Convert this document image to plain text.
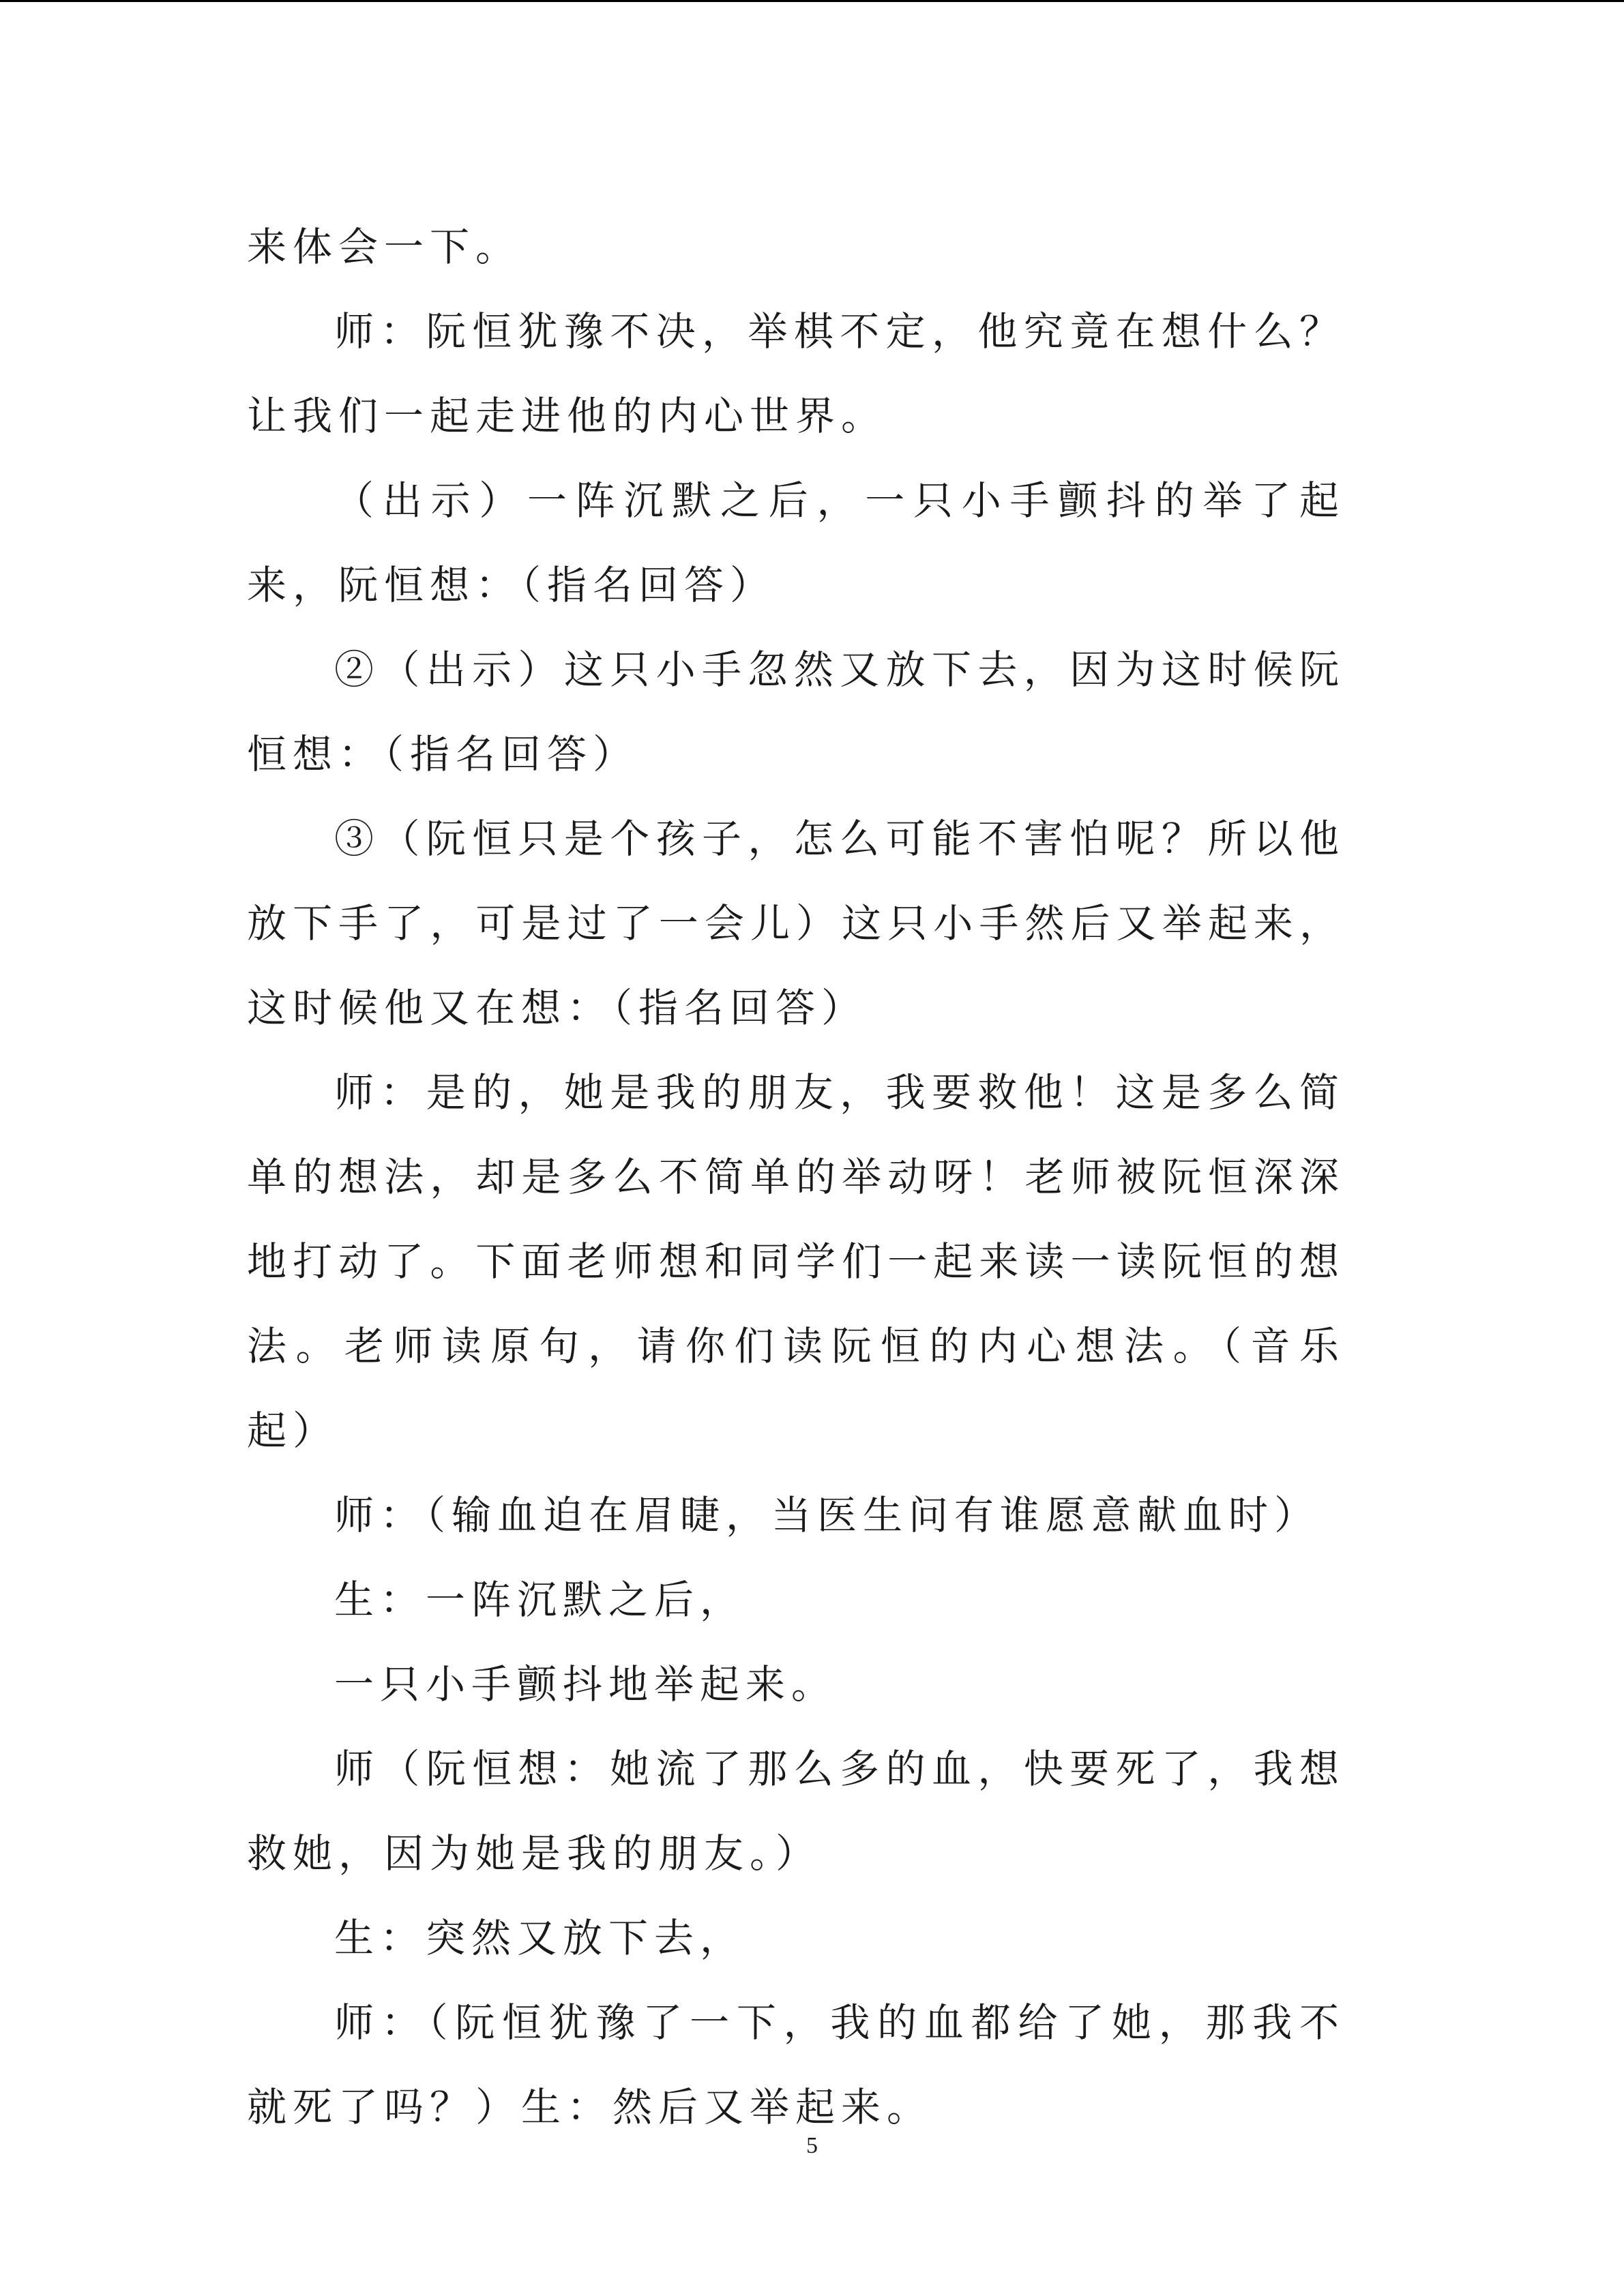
来体会一下。

师：阮恒犹豫不决，举棋不定，他究竟在想什么？让我们一起走进他的内心世界。

（出示）一阵沉默之后，一只小手颤抖的举了起来，阮恒想：（指名回答）

②（出示）这只小手忽然又放下去，因为这时候阮恒想：（指名回答）

③（阮恒只是个孩子，怎么可能不害怕呢？所以他放下手了，可是过了一会儿）这只小手然后又举起来，这时候他又在想：（指名回答）

师：是的，她是我的朋友，我要救他！这是多么简单的想法，却是多么不简单的举动呀！老师被阮恒深深地打动了。下面老师想和同学们一起来读一读阮恒的想法。老师读原句，请你们读阮恒的内心想法。（音乐起）

师：（输血迫在眉睫，当医生问有谁愿意献血时）

生：一阵沉默之后，

一只小手颤抖地举起来。

师（阮恒想：她流了那么多的血，快要死了，我想救她，因为她是我的朋友。）

生：突然又放下去，

师：（阮恒犹豫了一下，我的血都给了她，那我不就死了吗？）生：然后又举起来。

5
